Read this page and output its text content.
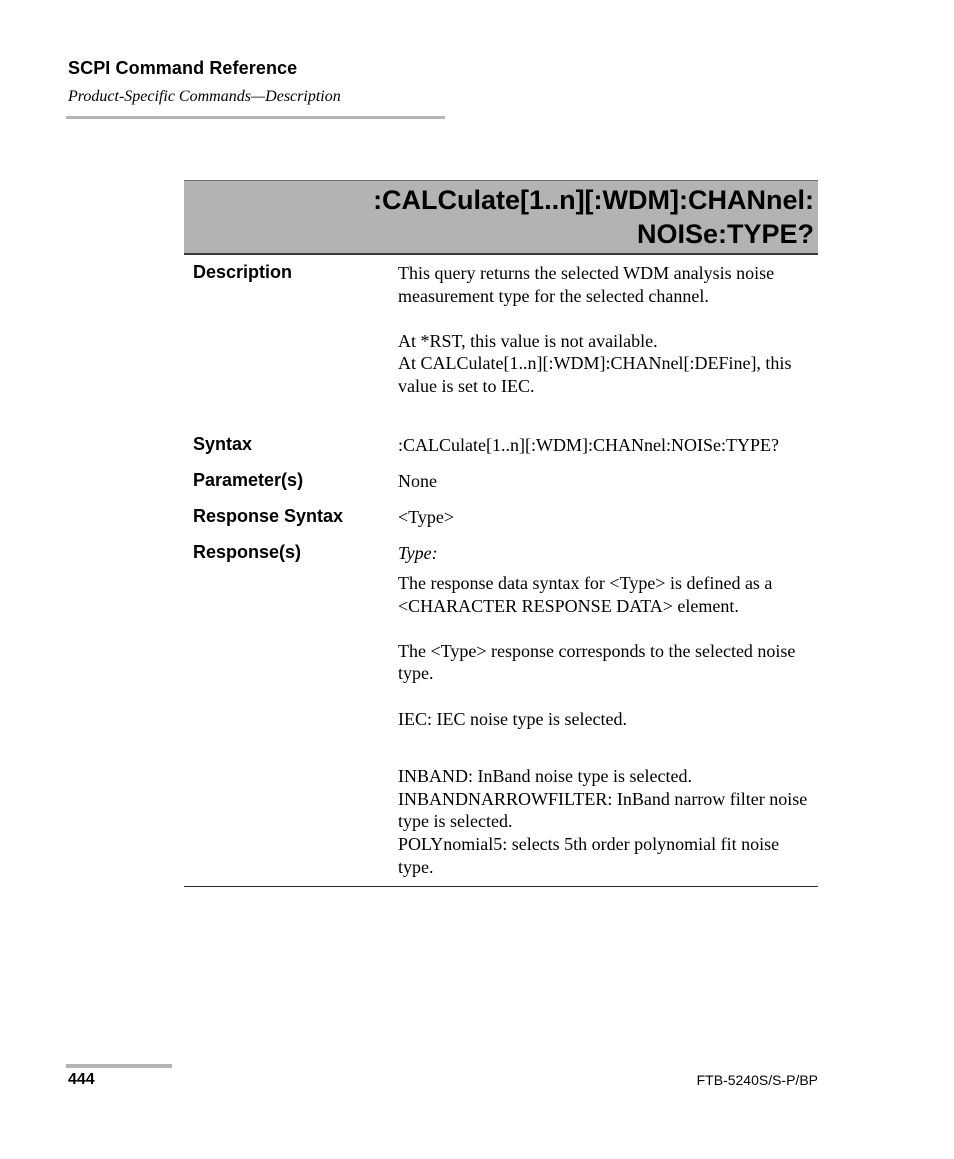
SCPI Command Reference
Product-Specific Commands—Description
:CALCulate[1..n][:WDM]:CHANnel:
NOISe:TYPE?
Description	This query returns the selected WDM analysis noise measurement type for the selected channel.

At *RST, this value is not available.

At CALCulate[1..n][:WDM]:CHANnel[:DEFine], this value is set to IEC.

Syntax	:CALCulate[1..n][:WDM]:CHANnel:NOISe:TYPE?
Parameter(s)	None
Response Syntax	<Type>
Response(s)	Type:

The response data syntax for <Type> is defined as a <CHARACTER RESPONSE DATA> element.

The <Type> response corresponds to the selected noise type.

IEC: IEC noise type is selected.

INBAND: InBand noise type is selected.

INBANDNARROWFILTER: InBand narrow filter noise type is selected.

POLYnomial5: selects 5th order polynomial fit noise type.

444	FTB-5240S/S-P/BP
